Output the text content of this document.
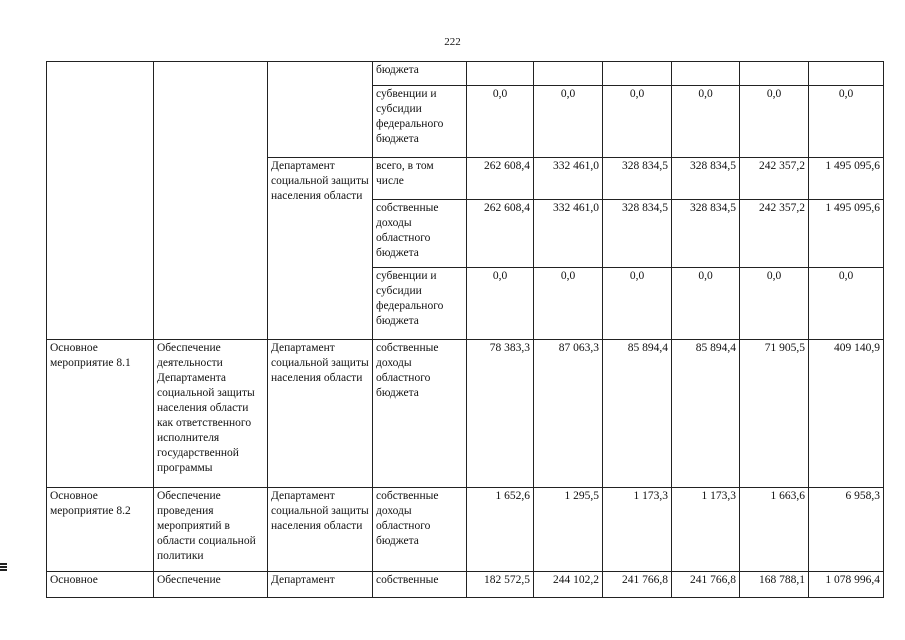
222
			бюджета						
			субвенции и субсидии федерального бюджета	0,0	0,0	0,0	0,0	0,0	0,0
		Департамент социальной защиты населения области	всего, в том числе	262 608,4	332 461,0	328 834,5	328 834,5	242 357,2	1 495 095,6
			собственные доходы областного бюджета	262 608,4	332 461,0	328 834,5	328 834,5	242 357,2	1 495 095,6
			субвенции и субсидии федерального бюджета	0,0	0,0	0,0	0,0	0,0	0,0
Основное мероприятие 8.1	Обеспечение деятельности Департамента социальной защиты населения области как ответственного исполнителя государственной программы	Департамент социальной защиты населения области	собственные доходы областного бюджета	78 383,3	87 063,3	85 894,4	85 894,4	71 905,5	409 140,9
Основное мероприятие 8.2	Обеспечение проведения мероприятий в области социальной политики	Департамент социальной защиты населения области	собственные доходы областного бюджета	1 652,6	1 295,5	1 173,3	1 173,3	1 663,6	6 958,3
Основное	Обеспечение	Департамент	собственные	182 572,5	244 102,2	241 766,8	241 766,8	168 788,1	1 078 996,4
